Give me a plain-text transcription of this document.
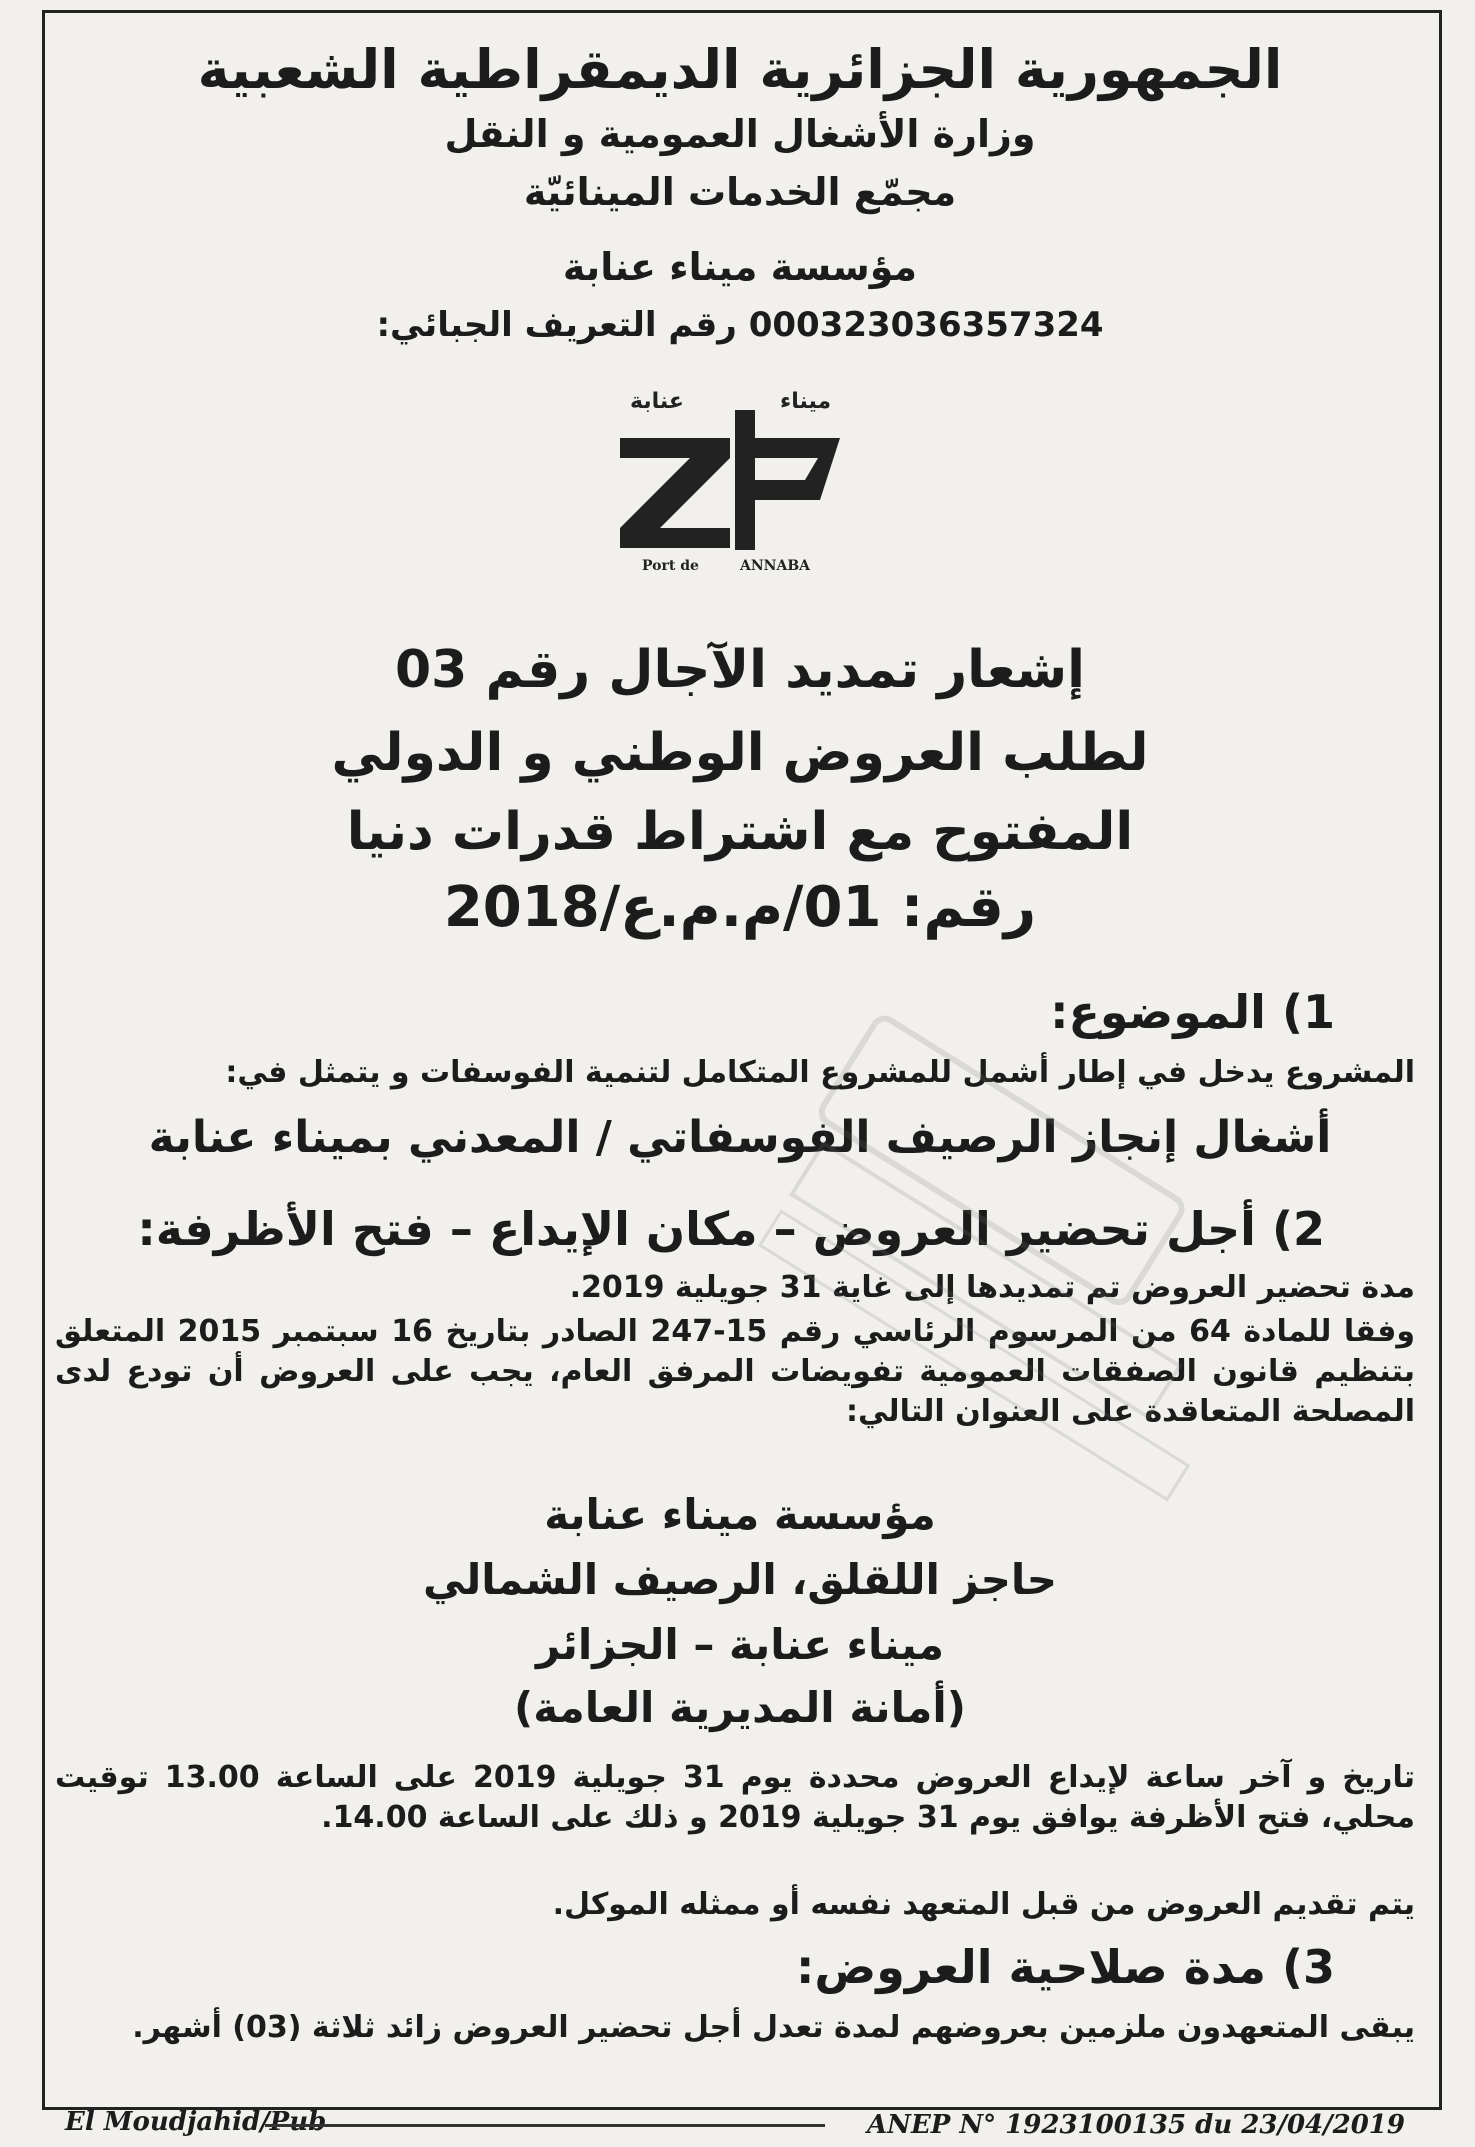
الجمهورية الجزائرية الديمقراطية الشعبية
وزارة الأشغال العمومية و النقل
مجمّع الخدمات المينائيّة
مؤسسة ميناء عنابة
رقم التعريف الجبائي: 000323036357324
عنابة	ميناء
Port de	ANNABA
إشعار تمديد الآجال رقم 03
لطلب العروض الوطني و الدولي
المفتوح مع اشتراط قدرات دنيا
رقم: 01/م.م.ع/2018
1) الموضوع:
المشروع يدخل في إطار أشمل للمشروع المتكامل لتنمية الفوسفات و يتمثل في:
أشغال إنجاز الرصيف الفوسفاتي / المعدني بميناء عنابة
2) أجل تحضير العروض – مكان الإيداع – فتح الأظرفة:
مدة تحضير العروض تم تمديدها إلى غاية 31 جويلية 2019.
وفقا للمادة 64 من المرسوم الرئاسي رقم 15-247 الصادر بتاريخ 16 سبتمبر 2015 المتعلق بتنظيم قانون الصفقات العمومية تفويضات المرفق العام، يجب على العروض أن تودع لدى المصلحة المتعاقدة على العنوان التالي:
مؤسسة ميناء عنابة
حاجز اللقلق، الرصيف الشمالي
ميناء عنابة – الجزائر
(أمانة المديرية العامة)
تاريخ و آخر ساعة لإيداع العروض محددة يوم 31 جويلية 2019 على الساعة 13.00 توقيت محلي، فتح الأظرفة يوافق يوم 31 جويلية 2019 و ذلك على الساعة 14.00.
يتم تقديم العروض من قبل المتعهد نفسه أو ممثله الموكل.
3) مدة صلاحية العروض:
يبقى المتعهدون ملزمين بعروضهم لمدة تعدل أجل تحضير العروض زائد ثلاثة (03) أشهر.
El Moudjahid/Pub	ANEP N° 1923100135 du 23/04/2019
